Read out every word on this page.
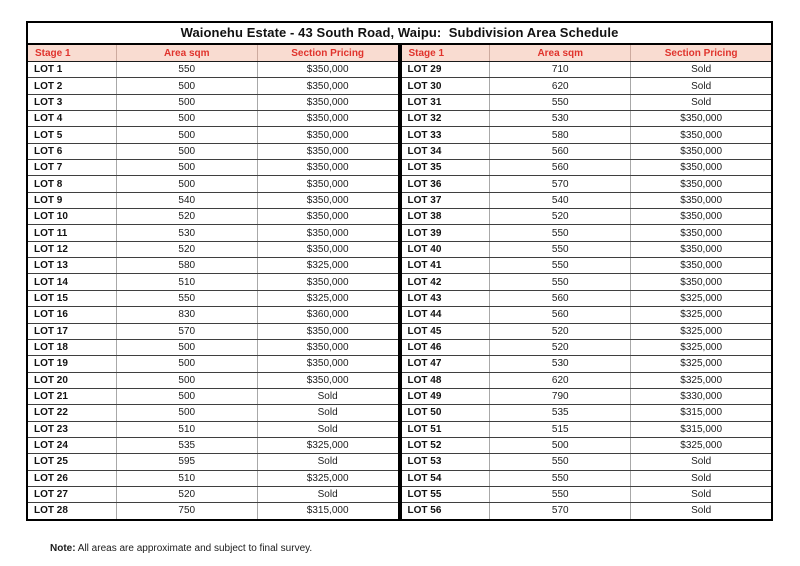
Waionehu Estate - 43 South Road, Waipu:  Subdivision Area Schedule
Stage 1	Area sqm	Section Pricing
LOT 1	550	$350,000
LOT 2	500	$350,000
LOT 3	500	$350,000
LOT 4	500	$350,000
LOT 5	500	$350,000
LOT 6	500	$350,000
LOT 7	500	$350,000
LOT 8	500	$350,000
LOT 9	540	$350,000
LOT 10	520	$350,000
LOT 11	530	$350,000
LOT 12	520	$350,000
LOT 13	580	$325,000
LOT 14	510	$350,000
LOT 15	550	$325,000
LOT 16	830	$360,000
LOT 17	570	$350,000
LOT 18	500	$350,000
LOT 19	500	$350,000
LOT 20	500	$350,000
LOT 21	500	Sold
LOT 22	500	Sold
LOT 23	510	Sold
LOT 24	535	$325,000
LOT 25	595	Sold
LOT 26	510	$325,000
LOT 27	520	Sold
LOT 28	750	$315,000
Stage 1	Area sqm	Section Pricing
LOT 29	710	Sold
LOT 30	620	Sold
LOT 31	550	Sold
LOT 32	530	$350,000
LOT 33	580	$350,000
LOT 34	560	$350,000
LOT 35	560	$350,000
LOT 36	570	$350,000
LOT 37	540	$350,000
LOT 38	520	$350,000
LOT 39	550	$350,000
LOT 40	550	$350,000
LOT 41	550	$350,000
LOT 42	550	$350,000
LOT 43	560	$325,000
LOT 44	560	$325,000
LOT 45	520	$325,000
LOT 46	520	$325,000
LOT 47	530	$325,000
LOT 48	620	$325,000
LOT 49	790	$330,000
LOT 50	535	$315,000
LOT 51	515	$315,000
LOT 52	500	$325,000
LOT 53	550	Sold
LOT 54	550	Sold
LOT 55	550	Sold
LOT 56	570	Sold
Note: All areas are approximate and subject to final survey.
